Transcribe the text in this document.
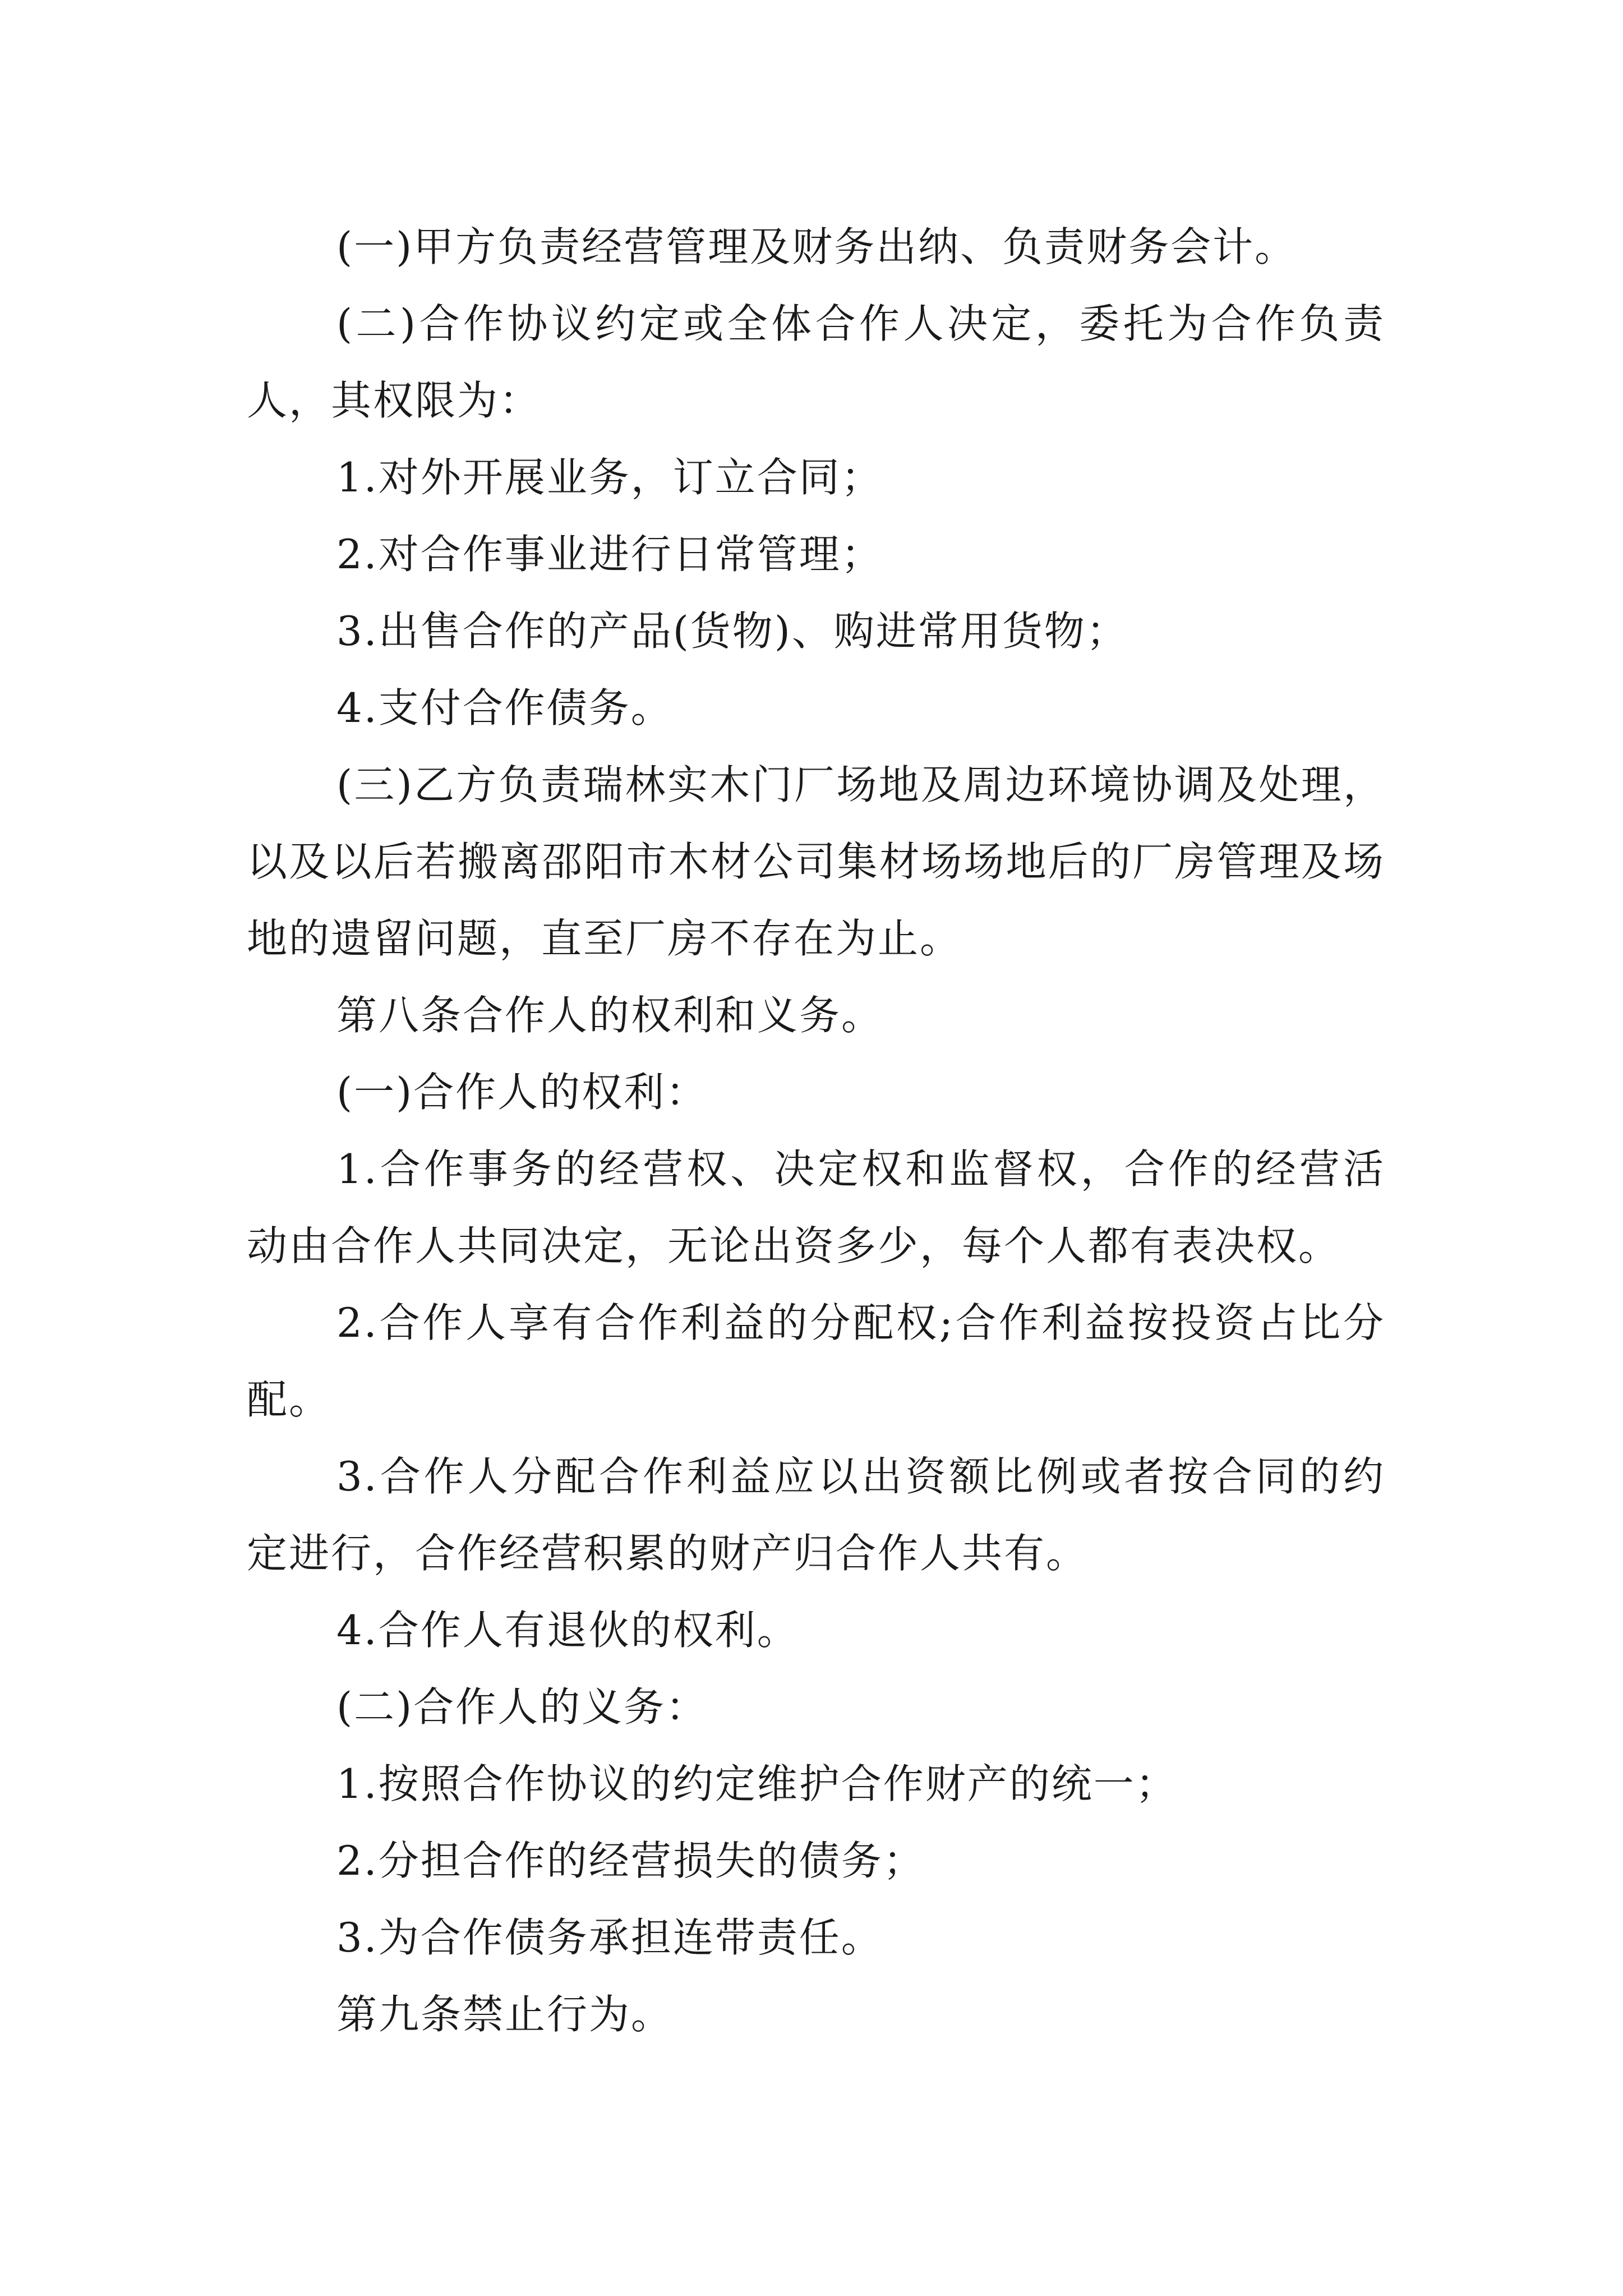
(一)甲方负责经营管理及财务出纳、负责财务会计。

(二)合作协议约定或全体合作人决定，委托为合作负责人，其权限为：

1.对外开展业务，订立合同；

2.对合作事业进行日常管理；

3.出售合作的产品(货物)、购进常用货物；

4.支付合作债务。

(三)乙方负责瑞林实木门厂场地及周边环境协调及处理，以及以后若搬离邵阳市木材公司集材场场地后的厂房管理及场地的遗留问题，直至厂房不存在为止。

第八条合作人的权利和义务。

(一)合作人的权利：

1.合作事务的经营权、决定权和监督权，合作的经营活动由合作人共同决定，无论出资多少，每个人都有表决权。

2.合作人享有合作利益的分配权;合作利益按投资占比分配。

3.合作人分配合作利益应以出资额比例或者按合同的约定进行，合作经营积累的财产归合作人共有。

4.合作人有退伙的权利。

(二)合作人的义务：

1.按照合作协议的约定维护合作财产的统一；

2.分担合作的经营损失的债务；

3.为合作债务承担连带责任。

第九条禁止行为。
